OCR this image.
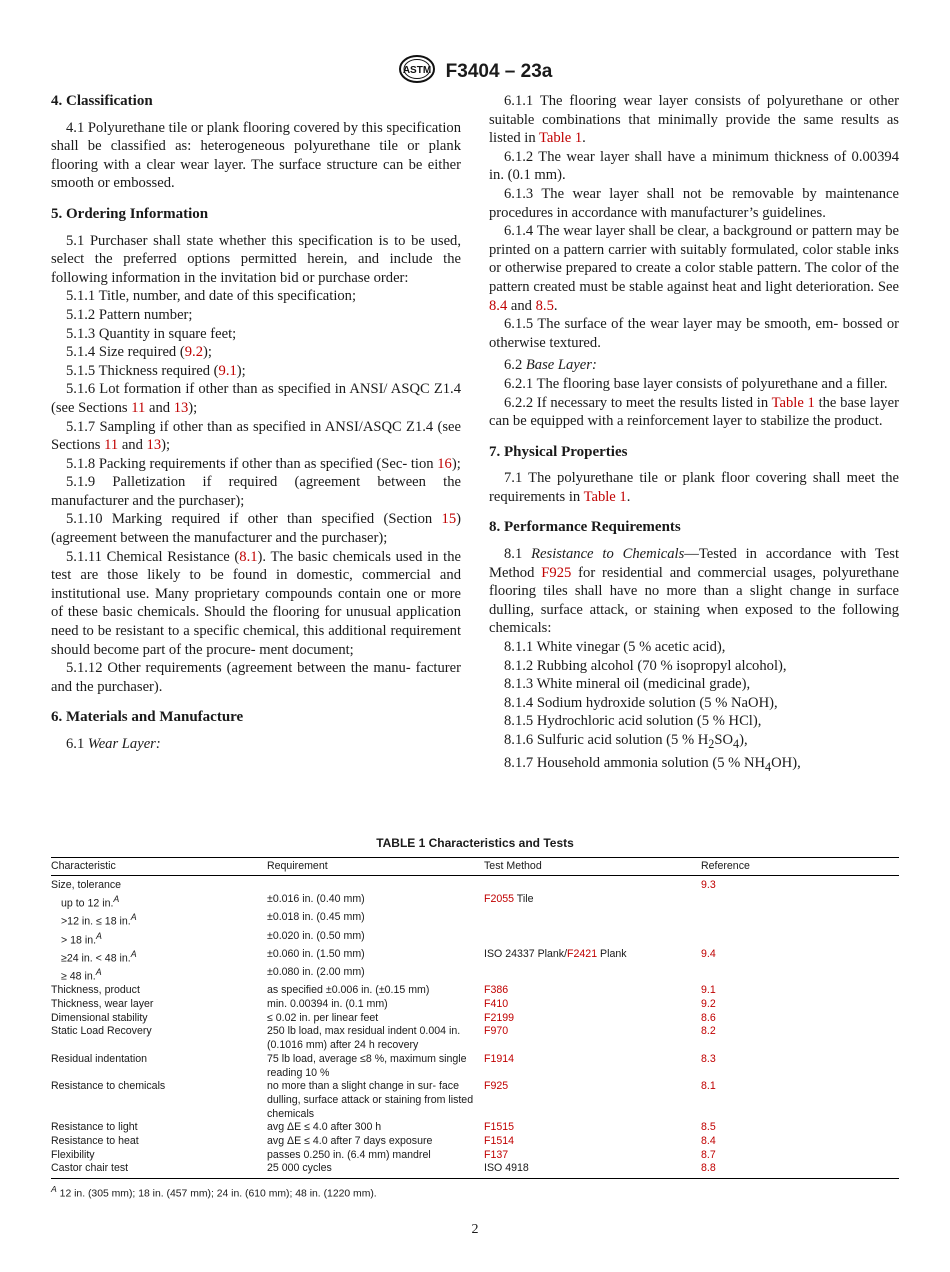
ASTM F3404 – 23a

4. Classification

4.1 Polyurethane tile or plank flooring covered by this specification shall be classified as: heterogeneous polyurethane tile or plank flooring with a clear wear layer. The surface structure can be either smooth or embossed.

5. Ordering Information

5.1 Purchaser shall state whether this specification is to be used, select the preferred options permitted herein, and include the following information in the invitation bid or purchase order:

5.1.1 Title, number, and date of this specification;

5.1.2 Pattern number;

5.1.3 Quantity in square feet;

5.1.4 Size required (9.2);

5.1.5 Thickness required (9.1);

5.1.6 Lot formation if other than as specified in ANSI/ ASQC Z1.4 (see Sections 11 and 13);

5.1.7 Sampling if other than as specified in ANSI/ASQC Z1.4 (see Sections 11 and 13);

5.1.8 Packing requirements if other than as specified (Sec- tion 16);

5.1.9 Palletization if required (agreement between the manufacturer and the purchaser);

5.1.10 Marking required if other than specified (Section 15) (agreement between the manufacturer and the purchaser);

5.1.11 Chemical Resistance (8.1). The basic chemicals used in the test are those likely to be found in domestic, commercial and institutional use. Many proprietary compounds contain one or more of these basic chemicals. Should the flooring for unusual application need to be resistant to a specific chemical, this additional requirement should become part of the procure- ment document;

5.1.12 Other requirements (agreement between the manu- facturer and the purchaser).

6. Materials and Manufacture

6.1 Wear Layer:

6.1.1 The flooring wear layer consists of polyurethane or other suitable combinations that minimally provide the same results as listed in Table 1.

6.1.2 The wear layer shall have a minimum thickness of 0.00394 in. (0.1 mm).

6.1.3 The wear layer shall not be removable by maintenance procedures in accordance with manufacturer’s guidelines.

6.1.4 The wear layer shall be clear, a background or pattern may be printed on a pattern carrier with suitably formulated, color stable inks or otherwise prepared to create a color stable pattern. The color of the pattern created must be stable against heat and light deterioration. See 8.4 and 8.5.

6.1.5 The surface of the wear layer may be smooth, em- bossed or otherwise textured.

6.2 Base Layer:

6.2.1 The flooring base layer consists of polyurethane and a filler.

6.2.2 If necessary to meet the results listed in Table 1 the base layer can be equipped with a reinforcement layer to stabilize the product.

7. Physical Properties

7.1 The polyurethane tile or plank floor covering shall meet the requirements in Table 1.

8. Performance Requirements

8.1 Resistance to Chemicals—Tested in accordance with Test Method F925 for residential and commercial usages, polyurethane flooring tiles shall have no more than a slight change in surface dulling, surface attack, or staining when exposed to the following chemicals:

8.1.1 White vinegar (5 % acetic acid),

8.1.2 Rubbing alcohol (70 % isopropyl alcohol),

8.1.3 White mineral oil (medicinal grade),

8.1.4 Sodium hydroxide solution (5 % NaOH),

8.1.5 Hydrochloric acid solution (5 % HCl),

8.1.6 Sulfuric acid solution (5 % $H_2SO_4$),

8.1.7 Household ammonia solution (5 % $NH_4OH$),

TABLE 1 Characteristics and Tests
Characteristic	Requirement	Test Method	Reference
Size, tolerance			9.3
up to 12 in.$^A$	±0.016 in. (0.40 mm)	F2055 Tile	
>12 in. ≤ 18 in.$^A$	±0.018 in. (0.45 mm)		
> 18 in.$^A$	±0.020 in. (0.50 mm)		
≥24 in. < 48 in.$^A$	±0.060 in. (1.50 mm)	ISO 24337 Plank/F2421 Plank	9.4
≥ 48 in.$^A$	±0.080 in. (2.00 mm)		
Thickness, product	as specified ±0.006 in. (±0.15 mm)	F386	9.1
Thickness, wear layer	min. 0.00394 in. (0.1 mm)	F410	9.2
Dimensional stability	≤ 0.02 in. per linear feet	F2199	8.6
Static Load Recovery	250 lb load, max residual indent 0.004 in. (0.1016 mm) after 24 h recovery	F970	8.2
Residual indentation	75 lb load, average ≤8 %, maximum single reading 10 %	F1914	8.3
Resistance to chemicals	no more than a slight change in sur- face dulling, surface attack or staining from listed chemicals	F925	8.1
Resistance to light	avg ΔE ≤ 4.0 after 300 h	F1515	8.5
Resistance to heat	avg ΔE ≤ 4.0 after 7 days exposure	F1514	8.4
Flexibility	passes 0.250 in. (6.4 mm) mandrel	F137	8.7
Castor chair test	25 000 cycles	ISO 4918	8.8
$^A$ 12 in. (305 mm); 18 in. (457 mm); 24 in. (610 mm); 48 in. (1220 mm).
2
